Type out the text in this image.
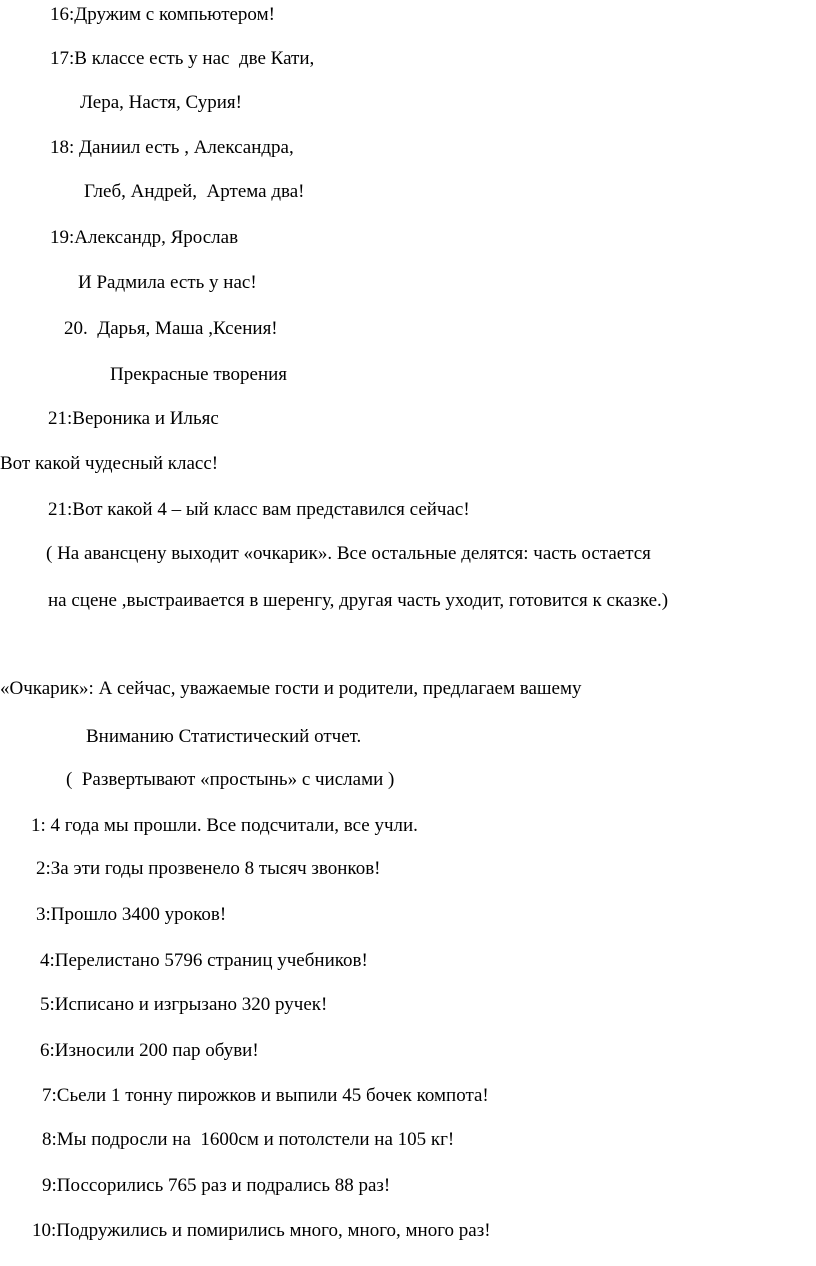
16:Дружим с компьютером!
17:В классе есть у нас  две Кати,
Лера, Настя, Сурия!
18: Даниил есть , Александра,
Глеб, Андрей,  Артема два!
19:Александр, Ярослав
И Радмила есть у нас!
20.  Дарья, Маша ,Ксения!
Прекрасные творения
21:Вероника и Ильяс
Вот какой чудесный класс!
21:Вот какой 4 – ый класс вам представился сейчас!
( На авансцену выходит «очкарик». Все остальные делятся: часть остается
на сцене ,выстраивается в шеренгу, другая часть уходит, готовится к сказке.)
«Очкарик»: А сейчас, уважаемые гости и родители, предлагаем вашему
Вниманию Статистический отчет.
(  Развертывают «простынь» с числами )
1: 4 года мы прошли. Все подсчитали, все учли.
2:За эти годы прозвенело 8 тысяч звонков!
3:Прошло 3400 уроков!
4:Перелистано 5796 страниц учебников!
5:Исписано и изгрызано 320 ручек!
6:Износили 200 пар обуви!
7:Сьели 1 тонну пирожков и выпили 45 бочек компота!
8:Мы подросли на  1600см и потолстели на 105 кг!
9:Поссорились 765 раз и подрались 88 раз!
10:Подружились и помирились много, много, много раз!
